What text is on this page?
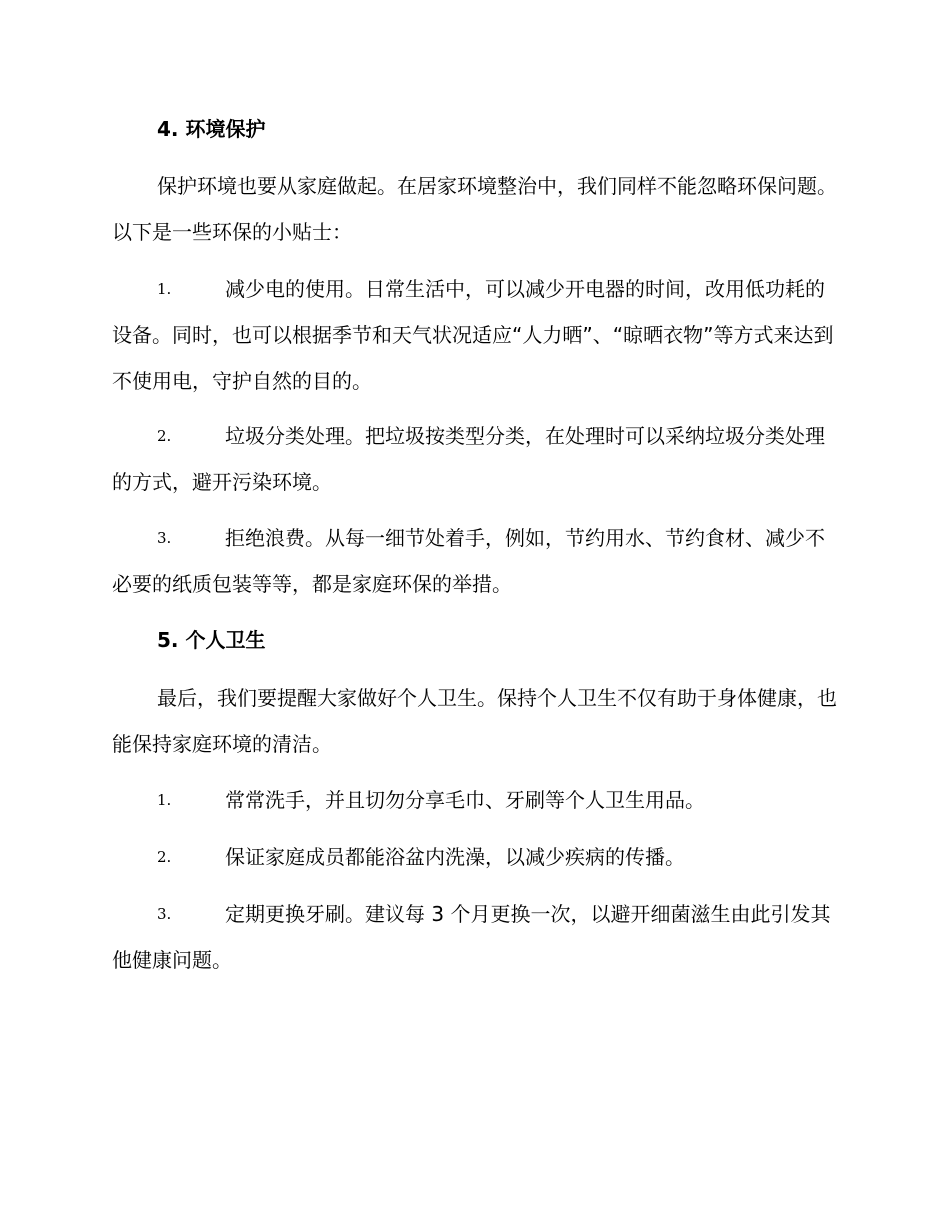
4. 环境保护

保护环境也要从家庭做起。在居家环境整治中，我们同样不能忽略环保问题。以下是一些环保的小贴士：

1.	减少电的使用。日常生活中，可以减少开电器的时间，改用低功耗的设备。同时，也可以根据季节和天气状况适应“人力晒”、“晾晒衣物”等方式来达到不使用电，守护自然的目的。

2.	垃圾分类处理。把垃圾按类型分类，在处理时可以采纳垃圾分类处理的方式，避开污染环境。

3.	拒绝浪费。从每一细节处着手，例如，节约用水、节约食材、减少不必要的纸质包装等等，都是家庭环保的举措。

5. 个人卫生

最后，我们要提醒大家做好个人卫生。保持个人卫生不仅有助于身体健康，也能保持家庭环境的清洁。

1.	常常洗手，并且切勿分享毛巾、牙刷等个人卫生用品。

2.	保证家庭成员都能浴盆内洗澡，以减少疾病的传播。

3.	定期更换牙刷。建议每 3 个月更换一次，以避开细菌滋生由此引发其他健康问题。
